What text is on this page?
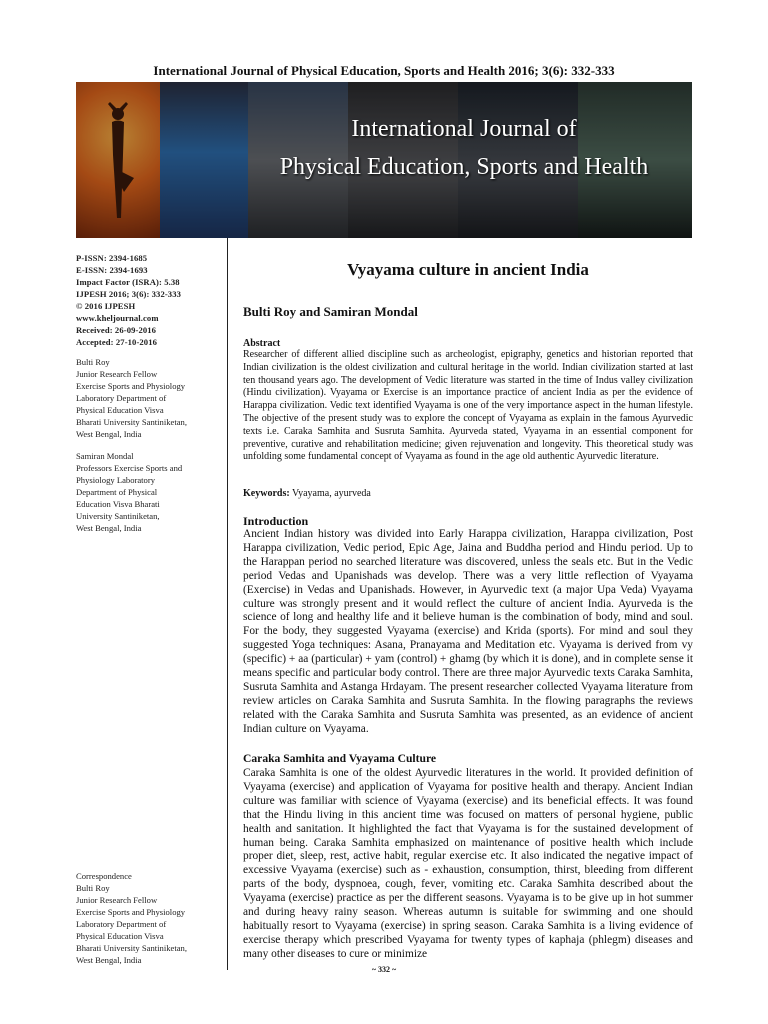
International Journal of Physical Education, Sports and Health 2016; 3(6): 332-333
International Journal of
Physical Education, Sports and Health
P-ISSN: 2394-1685
E-ISSN: 2394-1693
Impact Factor (ISRA): 5.38
IJPESH 2016; 3(6): 332-333
© 2016 IJPESH
www.kheljournal.com
Received: 26-09-2016
Accepted: 27-10-2016
Bulti Roy
Junior Research Fellow
Exercise Sports and Physiology
Laboratory Department of
Physical Education Visva
Bharati University Santiniketan,
West Bengal, India
Samiran Mondal
Professors Exercise Sports and
Physiology Laboratory
Department of Physical
Education Visva Bharati
University Santiniketan,
West Bengal, India
Correspondence
Bulti Roy
Junior Research Fellow
Exercise Sports and Physiology
Laboratory Department of
Physical Education Visva
Bharati University Santiniketan,
West Bengal, India
Vyayama culture in ancient India
Bulti Roy and Samiran Mondal
Abstract
Researcher of different allied discipline such as archeologist, epigraphy, genetics and historian reported that Indian civilization is the oldest civilization and cultural heritage in the world. Indian civilization started at last ten thousand years ago. The development of Vedic literature was started in the time of Indus valley civilization (Hindu civilization). Vyayama or Exercise is an importance practice of ancient India as per the evidence of Harappa civilization. Vedic text identified Vyayama is one of the very importance aspect in the human lifestyle. The objective of the present study was to explore the concept of Vyayama as explain in the famous Ayurvedic texts i.e. Caraka Samhita and Susruta Samhita. Ayurveda stated, Vyayama in an essential component for preventive, curative and rehabilitation medicine; given rejuvenation and longevity. This theoretical study was unfolding some fundamental concept of Vyayama as found in the age old authentic Ayurvedic literature.
Keywords: Vyayama, ayurveda
Introduction
Ancient Indian history was divided into Early Harappa civilization, Harappa civilization, Post Harappa civilization, Vedic period, Epic Age, Jaina and Buddha period and Hindu period. Up to the Harappan period no searched literature was discovered, unless the seals etc. But in the Vedic period Vedas and Upanishads was develop. There was a very little reflection of Vyayama (Exercise) in Vedas and Upanishads. However, in Ayurvedic text (a major Upa Veda) Vyayama culture was strongly present and it would reflect the culture of ancient India. Ayurveda is the science of long and healthy life and it believe human is the combination of body, mind and soul. For the body, they suggested Vyayama (exercise) and Krida (sports). For mind and soul they suggested Yoga techniques: Asana, Pranayama and Meditation etc. Vyayama is derived from vy (specific) + aa (particular) + yam (control) + ghamg (by which it is done), and in complete sense it means specific and particular body control. There are three major Ayurvedic texts Caraka Samhita, Susruta Samhita and Astanga Hrdayam. The present researcher collected Vyayama literature from review articles on Caraka Samhita and Susruta Samhita. In the flowing paragraphs the reviews related with the Caraka Samhita and Susruta Samhita was presented, as an evidence of ancient Indian culture on Vyayama.
Caraka Samhita and Vyayama Culture
Caraka Samhita is one of the oldest Ayurvedic literatures in the world. It provided definition of Vyayama (exercise) and application of Vyayama for positive health and therapy. Ancient Indian culture was familiar with science of Vyayama (exercise) and its beneficial effects. It was found that the Hindu living in this ancient time was focused on matters of personal hygiene, public health and sanitation. It highlighted the fact that Vyayama is for the sustained development of human being. Caraka Samhita emphasized on maintenance of positive health which include proper diet, sleep, rest, active habit, regular exercise etc. It also indicated the negative impact of excessive Vyayama (exercise) such as - exhaustion, consumption, thirst, bleeding from different parts of the body, dyspnoea, cough, fever, vomiting etc. Caraka Samhita described about the Vyayama (exercise) practice as per the different seasons. Vyayama is to be give up in hot summer and during heavy rainy season. Whereas autumn is suitable for swimming and one should habitually resort to Vyayama (exercise) in spring season. Caraka Samhita is a living evidence of exercise therapy which prescribed Vyayama for twenty types of kaphaja (phlegm) diseases and many other diseases to cure or minimize
~ 332 ~
